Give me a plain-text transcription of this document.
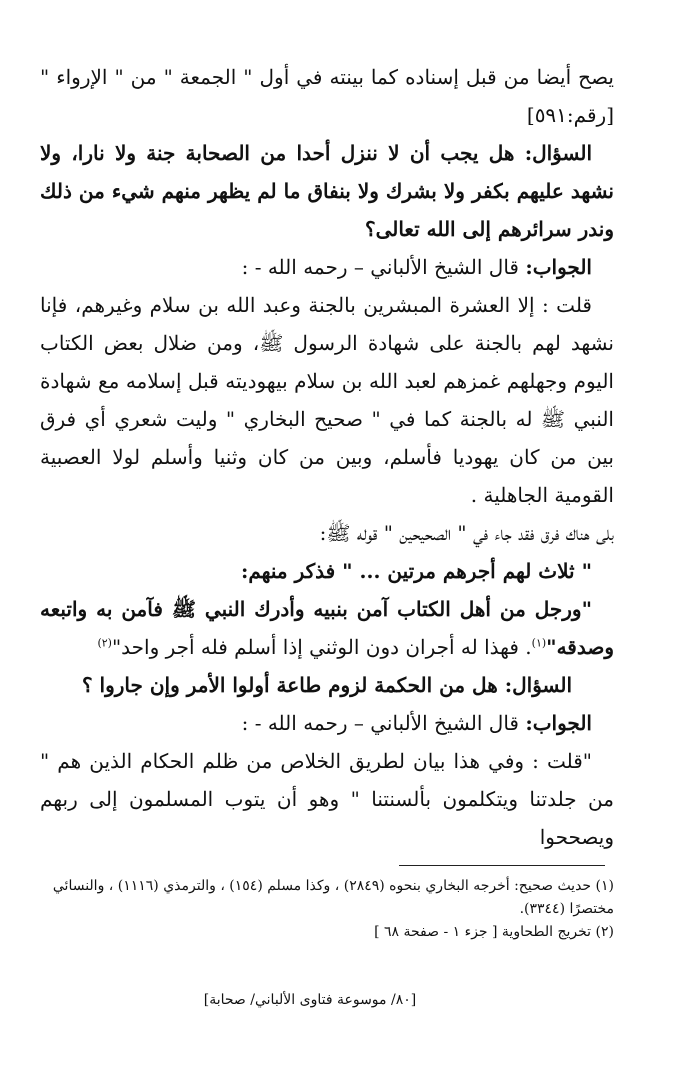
يصح أيضا من قبل إسناده كما بينته في أول " الجمعة " من " الإرواء " [رقم:٥٩١]

السؤال: هل يجب أن لا ننزل أحدا من الصحابة جنة ولا نارا، ولا نشهد عليهم بكفر ولا بشرك ولا بنفاق ما لم يظهر منهم شيء من ذلك وندر سرائرهم إلى الله تعالى؟

الجواب: قال الشيخ الألباني – رحمه الله - :

قلت : إلا العشرة المبشرين بالجنة وعبد الله بن سلام وغيرهم، فإنا نشهد لهم بالجنة على شهادة الرسول ﷺ، ومن ضلال بعض الكتاب اليوم وجهلهم غمزهم لعبد الله بن سلام بيهوديته قبل إسلامه مع شهادة النبي ﷺ له بالجنة كما في " صحيح البخاري " وليت شعري أي فرق بين من كان يهوديا فأسلم، وبين من كان وثنيا وأسلم لولا العصبية القومية الجاهلية .

بلى هناك فرق فقد جاء في " الصحيحين " قوله ﷺ:

" ثلاث لهم أجرهم مرتين ... " فذكر منهم:

"ورجل من أهل الكتاب آمن بنبيه وأدرك النبي ﷺ فآمن به واتبعه وصدقه"$^{(١)}$. فهذا له أجران دون الوثني إذا أسلم فله أجر واحد"$^{(٢)}$

السؤال: هل من الحكمة لزوم طاعة أولوا الأمر وإن جاروا ؟

الجواب: قال الشيخ الألباني – رحمه الله - :

"قلت : وفي هذا بيان لطريق الخلاص من ظلم الحكام الذين هم " من جلدتنا ويتكلمون بألسنتنا " وهو أن يتوب المسلمون إلى ربهم ويصححوا

(١) حديث صحيح: أخرجه البخاري بنحوه (٢٨٤٩) ، وكذا مسلم (١٥٤) ، والترمذي (١١١٦) ، والنسائي مختصرًا (٣٣٤٤).

(٢) تخريج الطحاوية [ جزء ١ - صفحة ٦٨ ]

[٨٠/ موسوعة فتاوى الألباني/ صحابة]
